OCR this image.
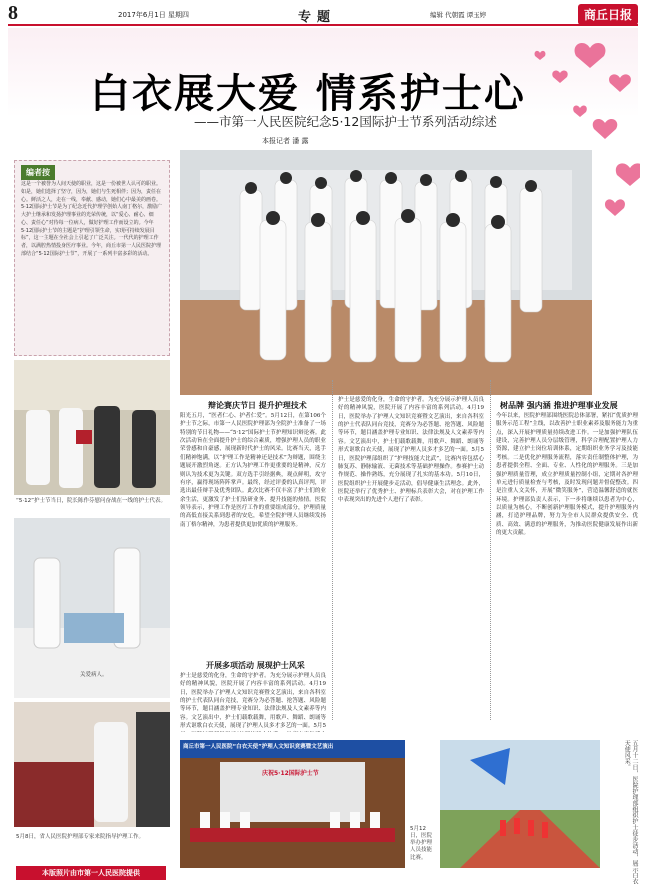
8	2017年6月1日 星期四	专题	编辑 代朝霞 谭玉婷	商丘日报
白衣展大爱 情系护士心
——市第一人民医院纪念5·12国际护士节系列活动综述
本报记者 潘 露
编者按
这是一个被誉为人间天使的职业，这是一份被世人认可的职业。如是，她们选择了坚守，因为，她们与生死相伴；因为，责任在心。鲜活之人，走在一线，奉献、感动，她们心中最美的画卷。5·12国际护士节是为了纪念近代护理学创始人南丁格尔，激励广大护士继承和发扬护理事业的光荣传统，以“爱心、耐心、细心、责任心”对待每一位病人，做好护理工作而设立的。今年5·12国际护士节的主题是“护理引领生命，实现可持续发展目标”，这一主题在全社会上引起了广泛关注。一代代的护理工作者，以满腔热情投身医疗事业。今年，商丘市第一人民医院护理部结合“5·12国际护士节”，开展了一系列丰富多彩的活动。
“5·12”护士节当日，院长陈作芬慰问奋战在一线的护士代表。
关爱病人。
5月8日，省人民医院护理部专家来院指导护理工作。
本版照片由市第一人民医院提供
辩论赛庆节日 提升护理技术
阳光五月，“医者仁心、护者仁爱”。5月12日，在第106个护士节之际，市第一人民医院护理部为全院护士准备了一场特别的节日礼物——“5·12”国际护士节护理知识辩论赛。此次活动旨在全面提升护士的综合素质，增强护理人员的职业荣誉感和自豪感，展现新时代护士的风采。比赛当天，选手们精神饱满，以“护理工作是精神还是技术”为辩题，围绕主题展开激烈角逐。正方认为护理工作更重要的是精神，反方则认为技术更为关键。双方选手引经据典，观点鲜明，攻守有序，赢得现场阵阵掌声。最终，经过评委的认真评判，评选出最佳辩手及优秀团队。此次比赛不仅丰富了护士们的业余生活，更激发了护士们钻研业务、提升技能的热情。医院领导表示，护理工作是医疗工作的重要组成部分，护理质量的高低直接关系到患者的安危，希望全院护理人员继续发扬南丁格尔精神，为患者提供更加优质的护理服务。
开展多项活动 展现护士风采
护士是慈爱的化身，生命的守护者。为充分展示护理人员良好的精神风貌，医院开展了内容丰富的系列活动。4月19日，医院举办了护理人文知识竞赛暨文艺演出，来自各科室的护士代表队同台竞技，竞赛分为必答题、抢答题、风险题等环节，题目涵盖护理专业知识、法律法规及人文素养等内容。文艺演出中，护士们载歌载舞，用歌声、舞蹈、朗诵等形式讴歌白衣天使，展现了护理人员多才多艺的一面。5月5
护士是慈爱的化身，生命的守护者。为充分展示护理人员良好的精神风貌，医院开展了内容丰富的系列活动。4月19日，医院举办了护理人文知识竞赛暨文艺演出，来自各科室的护士代表队同台竞技，竞赛分为必答题、抢答题、风险题等环节，题目涵盖护理专业知识、法律法规及人文素养等内容。文艺演出中，护士们载歌载舞，用歌声、舞蹈、朗诵等形式讴歌白衣天使，展现了护理人员多才多艺的一面。5月5日，医院护理部组织了“护理技能大比武”，比赛内容包括心肺复苏、静脉输液、无菌技术等基础护理操作。参赛护士动作规范、操作熟练，充分展现了扎实的基本功。5月10日，医院组织护士开展健步走活动，倡导健康生活理念。此外，医院还举行了优秀护士、护理标兵表彰大会，对在护理工作中表现突出的先进个人进行了表彰。
树品牌 强内涵 推进护理事业发展
今年以来，医院护理部围绕医院总体部署，紧扣“优质护理服务示范工程”主线，以改善护士职业素养及服务能力为重点，深入开展护理质量持续改进工作。一是加强护理队伍建设，完善护理人员分层级管理，科学合理配置护理人力资源，建立护士岗位培训体系，定期组织业务学习及技能考核。二是优化护理服务流程，落实责任制整体护理，为患者提供全程、全面、专业、人性化的护理服务。三是加强护理质量管理，成立护理质量控制小组，定期对各护理单元进行质量检查与考核，及时发现问题并督促整改。四是注重人文关怀，开展“微笑服务”，营造温馨舒适的就医环境。护理部负责人表示，下一步将继续以患者为中心，以质量为核心，不断创新护理服务模式，提升护理服务内涵，打造护理品牌，努力为全市人民群众提供安全、优质、高效、满意的护理服务，为推动医院健康发展作出新的更大贡献。
商丘市第一人民医院“白衣天使”护理人文知识竞赛暨文艺演出
庆祝5·12国际护士节
5月12日，医院举办护理人员技能比赛。	五月十二日，医院护理部组织护士徒步活动，展示白衣天使风采。
